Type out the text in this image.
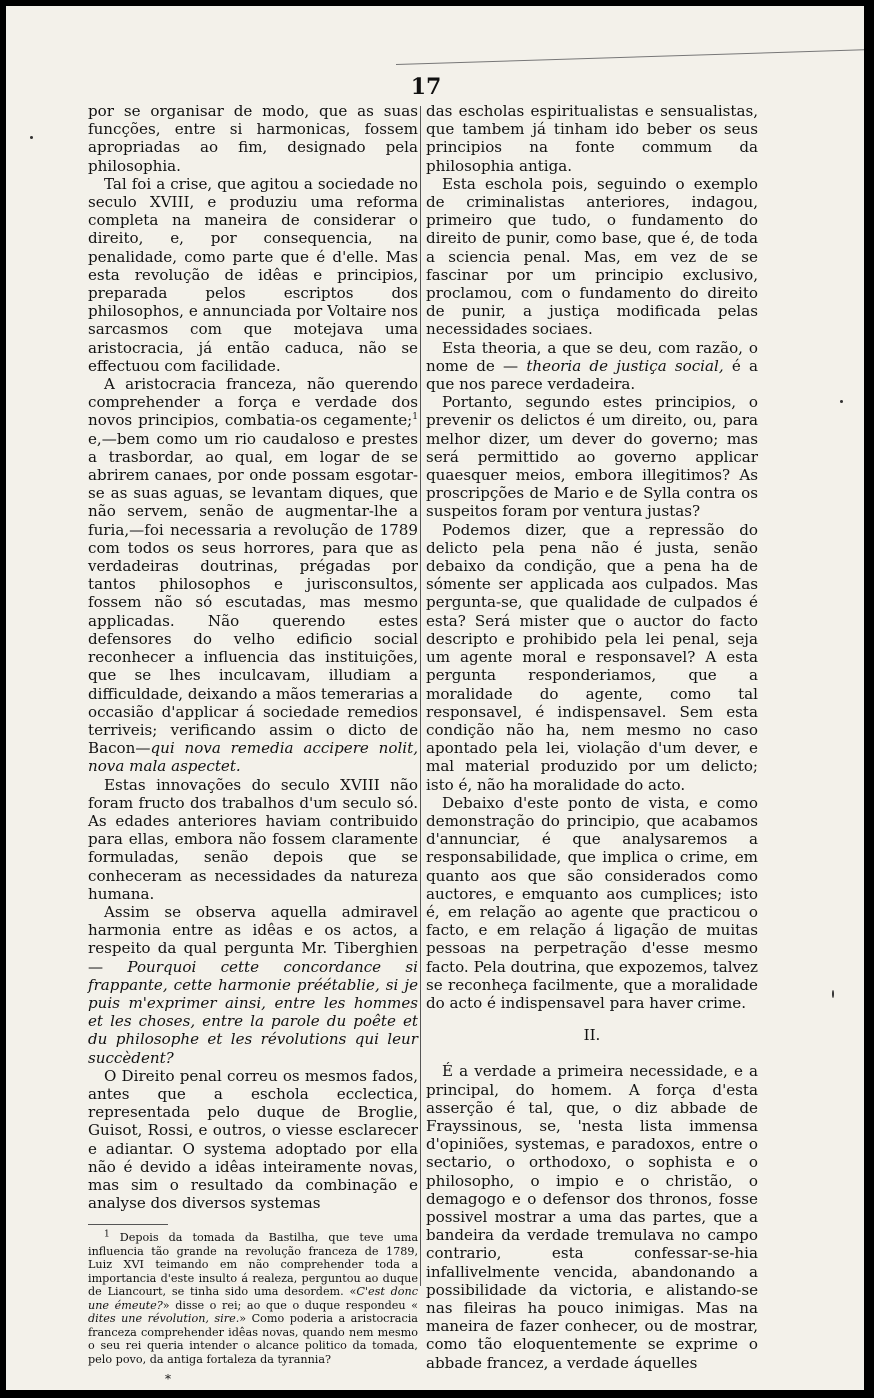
17

por se organisar de modo, que as suas funcções, entre si harmonicas, fossem apropriadas ao fim, designado pela philosophia.

Tal foi a crise, que agitou a sociedade no seculo XVIII, e produziu uma reforma completa na maneira de considerar o direito, e, por consequencia, na penalidade, como parte que é d'elle. Mas esta revolução de idêas e principios, preparada pelos escriptos dos philosophos, e annunciada por Voltaire nos sarcasmos com que motejava uma aristocracia, já então caduca, não se effectuou com facilidade.

A aristocracia franceza, não querendo comprehender a força e verdade dos novos principios, combatia-os cegamente;$^1$ e,—bem como um rio caudaloso e prestes a trasbordar, ao qual, em logar de se abrirem canaes, por onde possam esgotar-se as suas aguas, se levantam diques, que não servem, senão de augmentar-lhe a furia,—foi necessaria a revolução de 1789 com todos os seus horrores, para que as verdadeiras doutrinas, prégadas por tantos philosophos e jurisconsultos, fossem não só escutadas, mas mesmo applicadas. Não querendo estes defensores do velho edificio social reconhecer a influencia das instituições, que se lhes inculcavam, illudiam a difficuldade, deixando a mãos temerarias a occasião d'applicar á sociedade remedios terriveis; verificando assim o dicto de Bacon—qui nova remedia accipere nolit, nova mala aspectet.

Estas innovações do seculo XVIII não foram fructo dos trabalhos d'um seculo só. As edades anteriores haviam contribuido para ellas, embora não fossem claramente formuladas, senão depois que se conheceram as necessidades da natureza humana.

Assim se observa aquella admiravel harmonia entre as idêas e os actos, a respeito da qual pergunta Mr. Tiberghien — Pourquoi cette concordance si frappante, cette harmonie préétablie, si je puis m'exprimer ainsi, entre les hommes et les choses, entre la parole du poête et du philosophe et les révolutions qui leur succèdent?

O Direito penal correu os mesmos fados, antes que a eschola ecclectica, representada pelo duque de Broglie, Guisot, Rossi, e outros, o viesse esclarecer e adiantar. O systema adoptado por ella não é devido a idêas inteiramente novas, mas sim o resultado da combinação e analyse dos diversos systemas

$^1$ Depois da tomada da Bastilha, que teve uma influencia tão grande na revolução franceza de 1789, Luiz XVI teimando em não comprehender toda a importancia d'este insulto á realeza, perguntou ao duque de Liancourt, se tinha sido uma desordem. «C'est donc une émeute?» disse o rei; ao que o duque respondeu « dites une révolution, sire.» Como poderia a aristocracia franceza comprehender idêas novas, quando nem mesmo o seu rei queria intender o alcance politico da tomada, pelo povo, da antiga fortaleza da tyrannia?

*

das escholas espiritualistas e sensualistas, que tambem já tinham ido beber os seus principios na fonte commum da philosophia antiga.

Esta eschola pois, seguindo o exemplo de criminalistas anteriores, indagou, primeiro que tudo, o fundamento do direito de punir, como base, que é, de toda a sciencia penal. Mas, em vez de se fascinar por um principio exclusivo, proclamou, com o fundamento do direito de punir, a justiça modificada pelas necessidades sociaes.

Esta theoria, a que se deu, com razão, o nome de — theoria de justiça social, é a que nos parece verdadeira.

Portanto, segundo estes principios, o prevenir os delictos é um direito, ou, para melhor dizer, um dever do governo; mas será permittido ao governo applicar quaesquer meios, embora illegitimos? As proscripções de Mario e de Sylla contra os suspeitos foram por ventura justas?

Podemos dizer, que a repressão do delicto pela pena não é justa, senão debaixo da condição, que a pena ha de sómente ser applicada aos culpados. Mas pergunta-se, que qualidade de culpados é esta? Será mister que o auctor do facto descripto e prohibido pela lei penal, seja um agente moral e responsavel? A esta pergunta responderiamos, que a moralidade do agente, como tal responsavel, é indispensavel. Sem esta condição não ha, nem mesmo no caso apontado pela lei, violação d'um dever, e mal material produzido por um delicto; isto é, não ha moralidade do acto.

Debaixo d'este ponto de vista, e como demonstração do principio, que acabamos d'annunciar, é que analysaremos a responsabilidade, que implica o crime, em quanto aos que são considerados como auctores, e emquanto aos cumplices; isto é, em relação ao agente que practicou o facto, e em relação á ligação de muitas pessoas na perpetração d'esse mesmo facto. Pela doutrina, que expozemos, talvez se reconheça facilmente, que a moralidade do acto é indispensavel para haver crime.

II.

É a verdade a primeira necessidade, e a principal, do homem. A força d'esta asserção é tal, que, o diz abbade de Frayssinous, se, 'nesta lista immensa d'opiniões, systemas, e paradoxos, entre o sectario, o orthodoxo, o sophista e o philosopho, o impio e o christão, o demagogo e o defensor dos thronos, fosse possivel mostrar a uma das partes, que a bandeira da verdade tremulava no campo contrario, esta confessar-se-hia infallivelmente vencida, abandonando a possibilidade da victoria, e alistando-se nas fileiras ha pouco inimigas. Mas na maneira de fazer conhecer, ou de mostrar, como tão eloquentemente se exprime o abbade francez, a verdade áquelles
